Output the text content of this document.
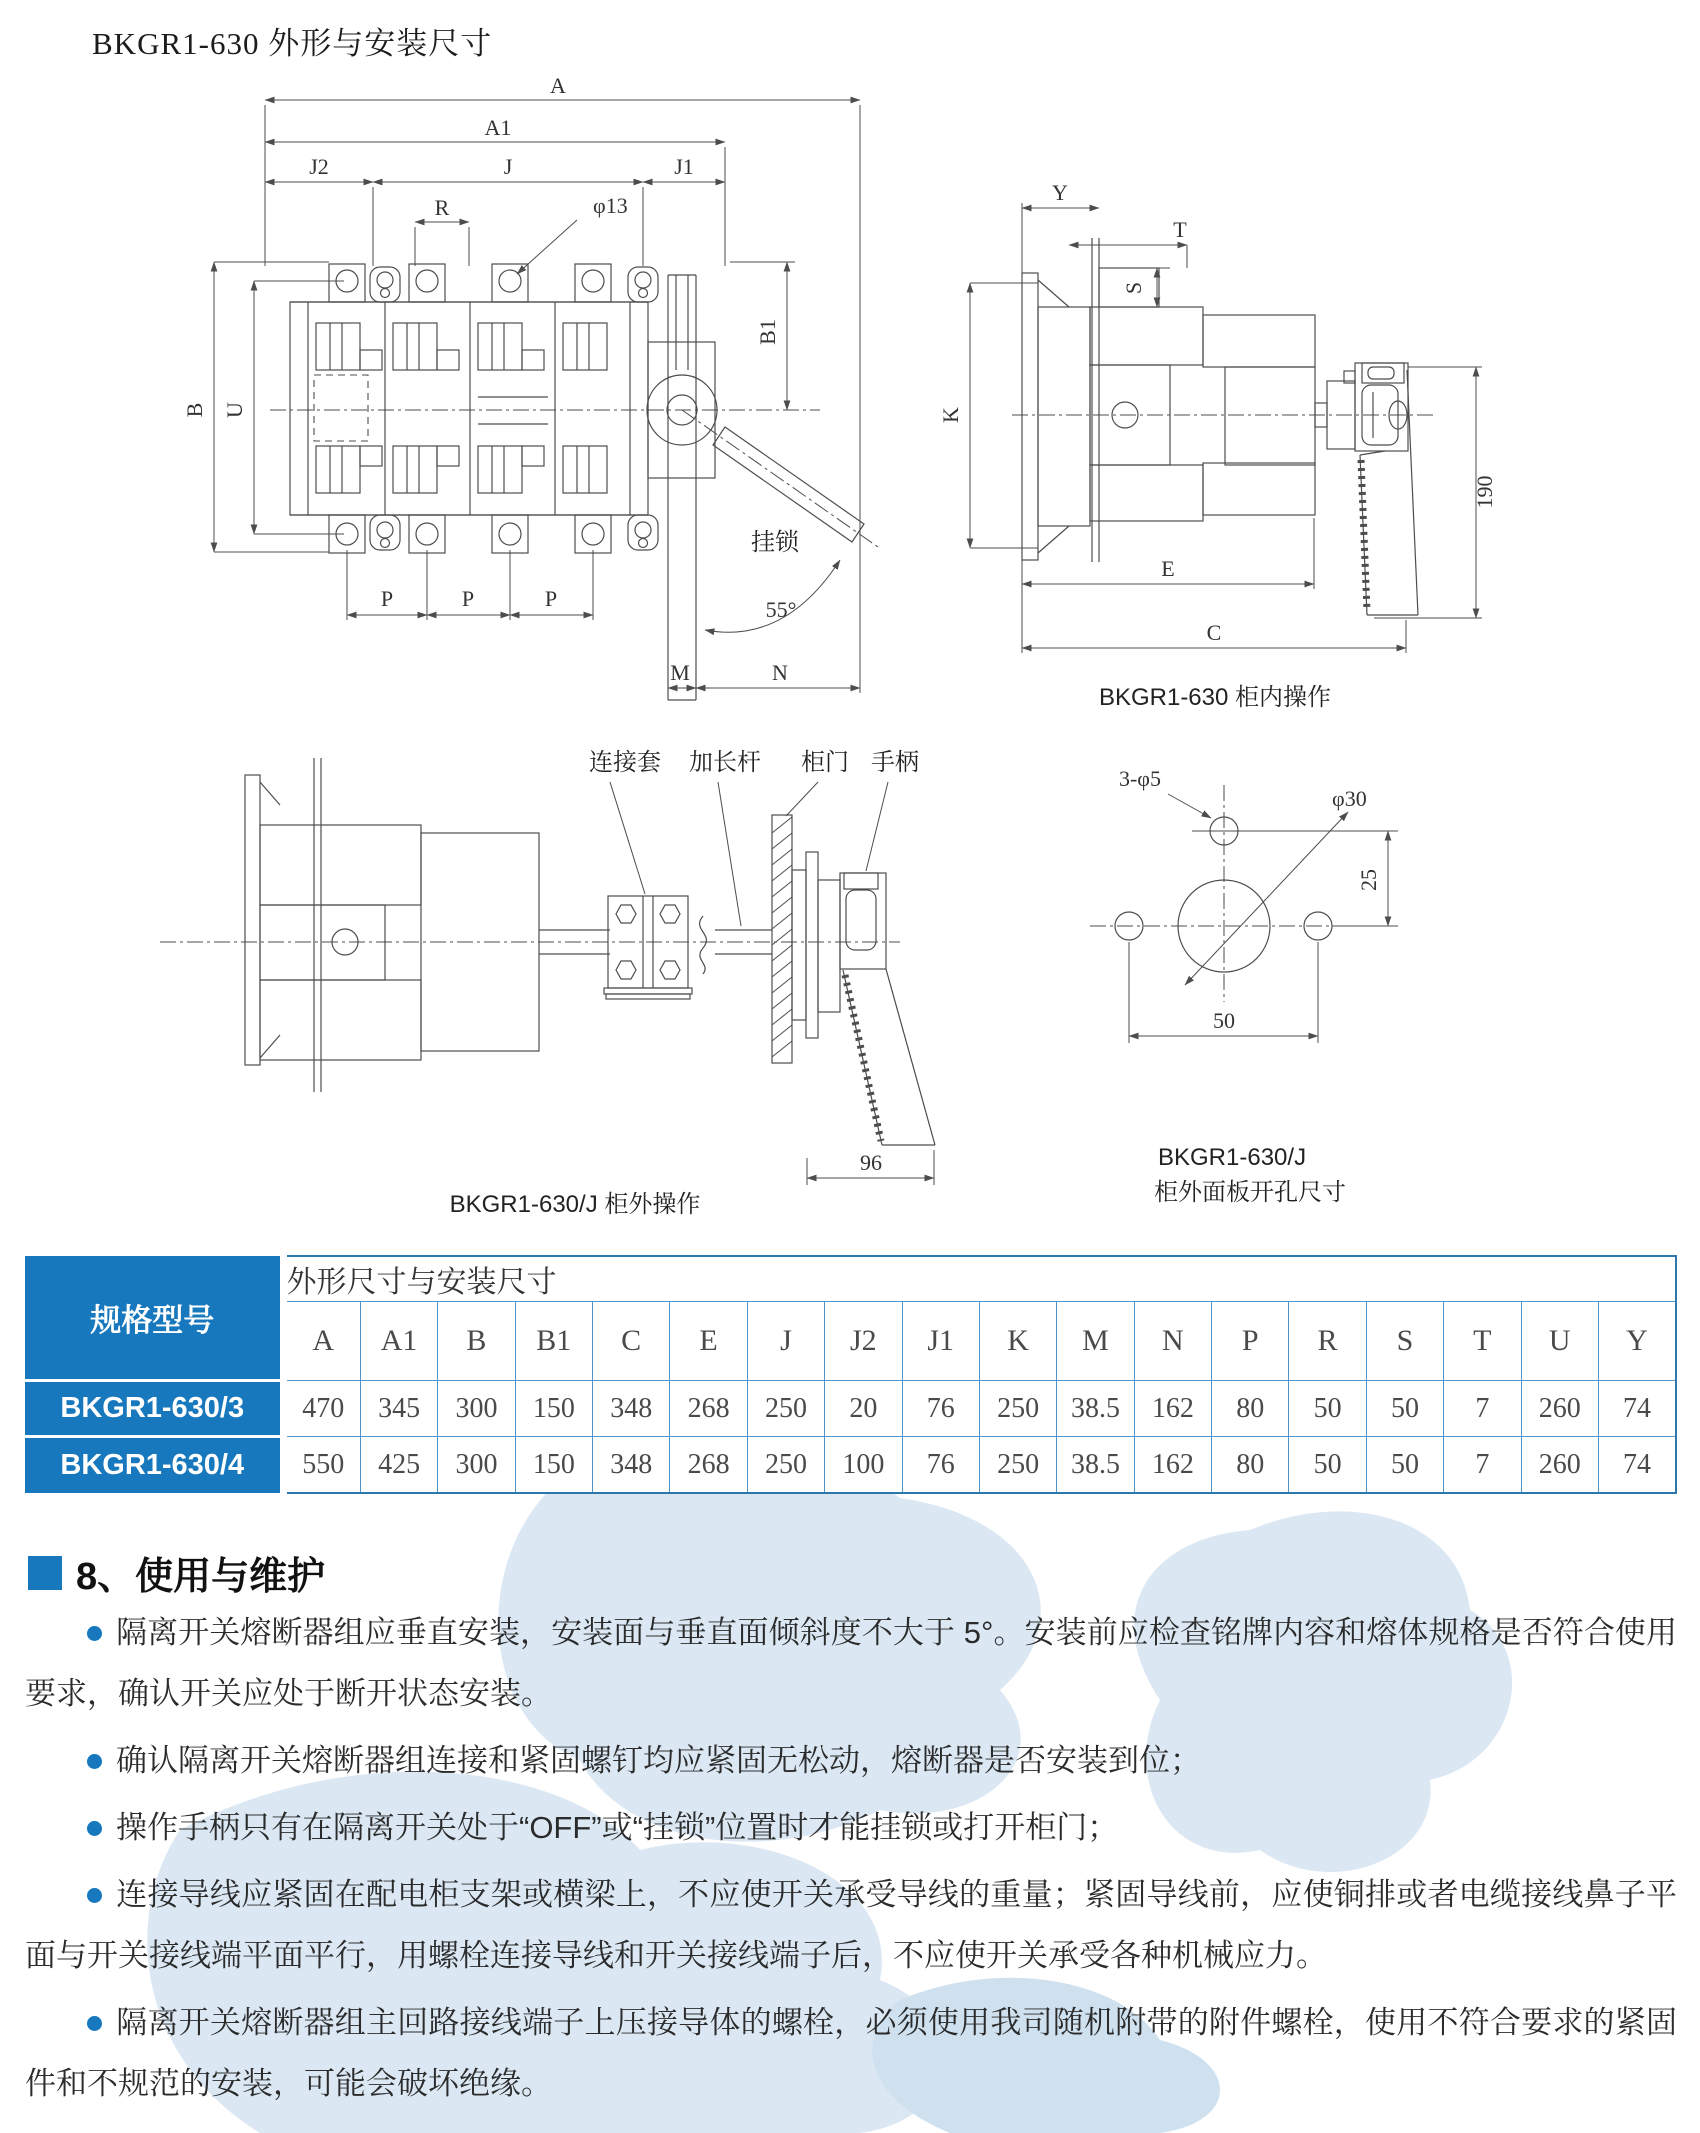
BKGR1-630 外形与安装尺寸
A
A1
J2	J	J1
R	φ13
B U
B1
P	P	P
M	N
55°
挂锁
Y
T
S
K
E
C
190
BKGR1-630 柜内操作
连接套 加长杆 柜门 手柄
96
BKGR1-630/J 柜外操作
3-φ5
φ30
25
50
BKGR1-630/J
柜外面板开孔尺寸
规格型号	外形尺寸与安装尺寸																	
	A	A1	B	B1	C	E	J	J2	J1	K	M	N	P	R	S	T	U	Y
BKGR1-630/3	470	345	300	150	348	268	250	20	76	250	38.5	162	80	50	50	7	260	74
BKGR1-630/4	550	425	300	150	348	268	250	100	76	250	38.5	162	80	50	50	7	260	74
8、使用与维护

隔离开关熔断器组应垂直安装，安装面与垂直面倾斜度不大于 5°。安装前应检查铭牌内容和熔体规格是否符合使用要求，确认开关应处于断开状态安装。

确认隔离开关熔断器组连接和紧固螺钉均应紧固无松动，熔断器是否安装到位；

操作手柄只有在隔离开关处于“OFF”或“挂锁”位置时才能挂锁或打开柜门；

连接导线应紧固在配电柜支架或横梁上，不应使开关承受导线的重量；紧固导线前，应使铜排或者电缆接线鼻子平面与开关接线端平面平行，用螺栓连接导线和开关接线端子后，不应使开关承受各种机械应力。

隔离开关熔断器组主回路接线端子上压接导体的螺栓，必须使用我司随机附带的附件螺栓，使用不符合要求的紧固件和不规范的安装，可能会破坏绝缘。
